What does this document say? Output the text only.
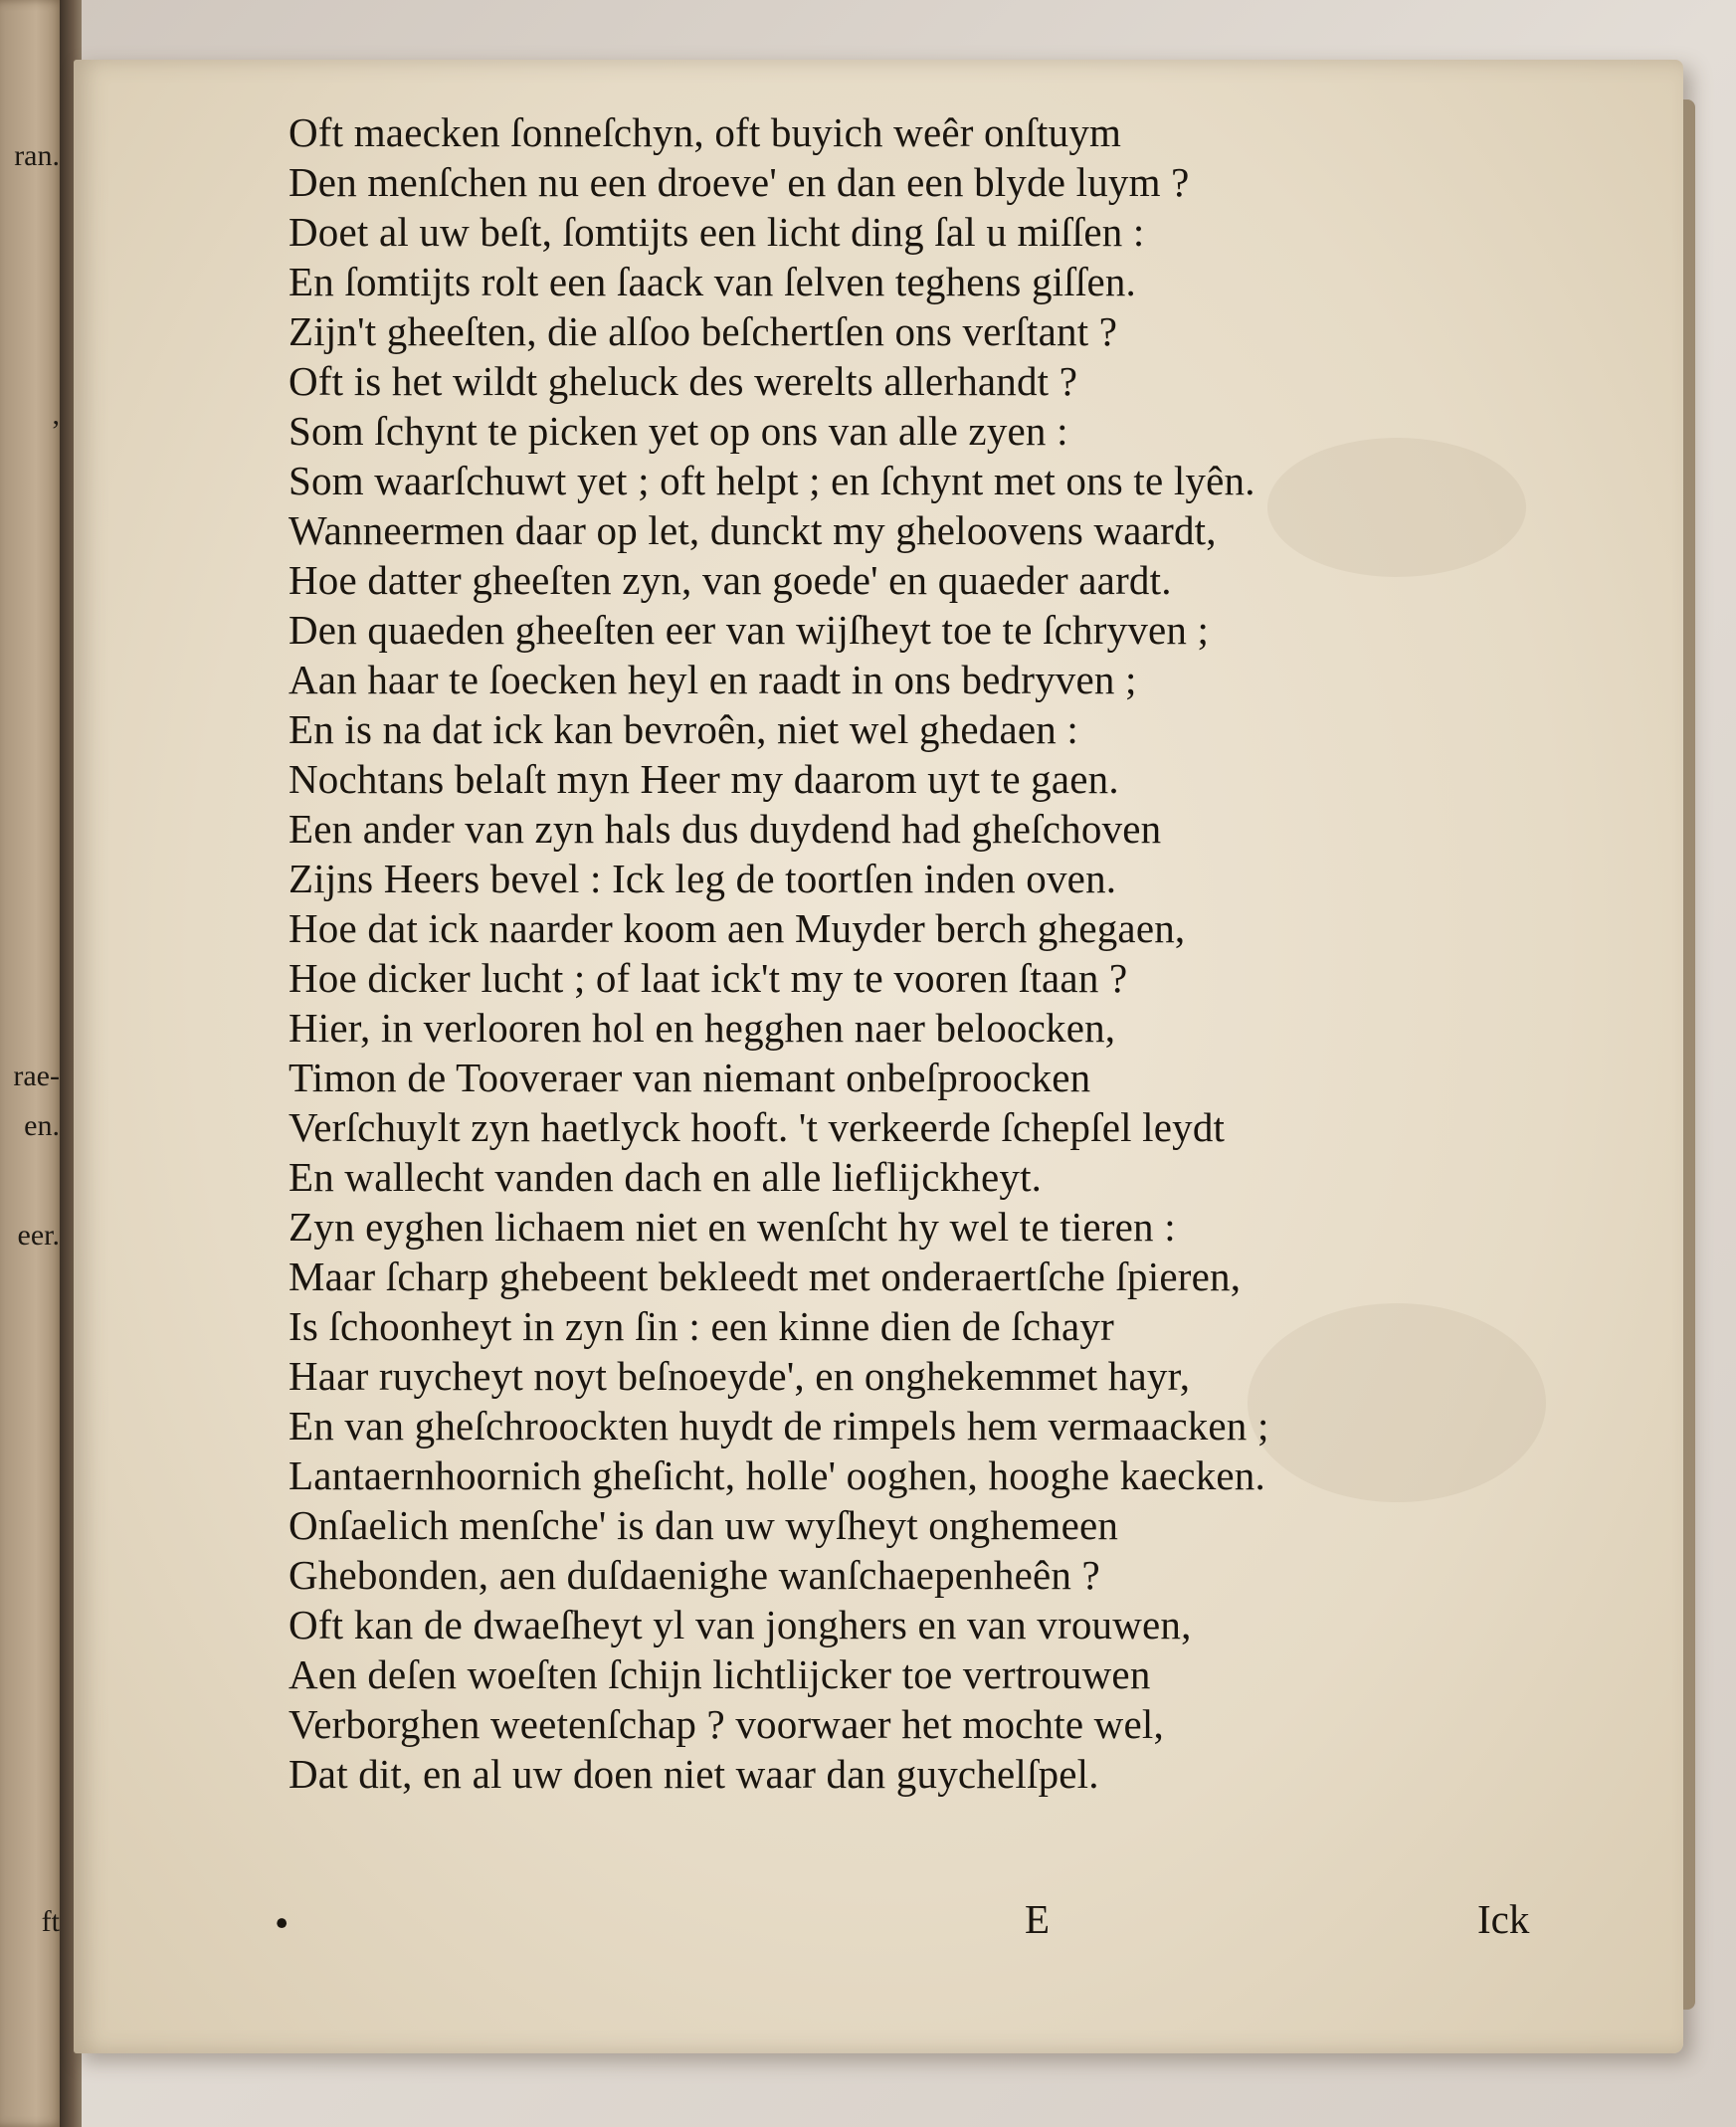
ran.
,
rae-
en.
eer.
ft
Oft maecken ſonneſchyn, oft buyich weêr onſtuym
Den menſchen nu een droeve' en dan een blyde luym ?
Doet al uw beſt, ſomtijts een licht ding ſal u miſſen :
En ſomtijts rolt een ſaack van ſelven teghens giſſen.
Zijn't gheeſten, die alſoo beſchertſen ons verſtant ?
Oft is het wildt gheluck des werelts allerhandt ?
Som ſchynt te picken yet op ons van alle zyen :
Som waarſchuwt yet ; oft helpt ; en ſchynt met ons te lyên.
Wanneermen daar op let, dunckt my gheloovens waardt,
Hoe datter gheeſten zyn, van goede' en quaeder aardt.
Den quaeden gheeſten eer van wijſheyt toe te ſchryven ;
Aan haar te ſoecken heyl en raadt in ons bedryven ;
En is na dat ick kan bevroên, niet wel ghedaen :
Nochtans belaſt myn Heer my daarom uyt te gaen.
Een ander van zyn hals dus duydend had gheſchoven
Zijns Heers bevel : Ick leg de toortſen inden oven.
Hoe dat ick naarder koom aen Muyder berch ghegaen,
Hoe dicker lucht ; of laat ick't my te vooren ſtaan ?
Hier, in verlooren hol en hegghen naer beloocken,
Timon de Tooveraer van niemant onbeſproocken
Verſchuylt zyn haetlyck hooft. 't verkeerde ſchepſel leydt
En wallecht vanden dach en alle lieflijckheyt.
Zyn eyghen lichaem niet en wenſcht hy wel te tieren :
Maar ſcharp ghebeent bekleedt met onderaertſche ſpieren,
Is ſchoonheyt in zyn ſin : een kinne dien de ſchayr
Haar ruycheyt noyt beſnoeyde', en onghekemmet hayr,
En van gheſchroockten huydt de rimpels hem vermaacken ;
Lantaernhoornich gheſicht, holle' ooghen, hooghe kaecken.
Onſaelich menſche' is dan uw wyſheyt onghemeen
Ghebonden, aen duſdaenighe wanſchaepenheên ?
Oft kan de dwaeſheyt yl van jonghers en van vrouwen,
Aen deſen woeſten ſchijn lichtlijcker toe vertrouwen
Verborghen weetenſchap ? voorwaer het mochte wel,
Dat dit, en al uw doen niet waar dan guychelſpel.
•	E	Ick
